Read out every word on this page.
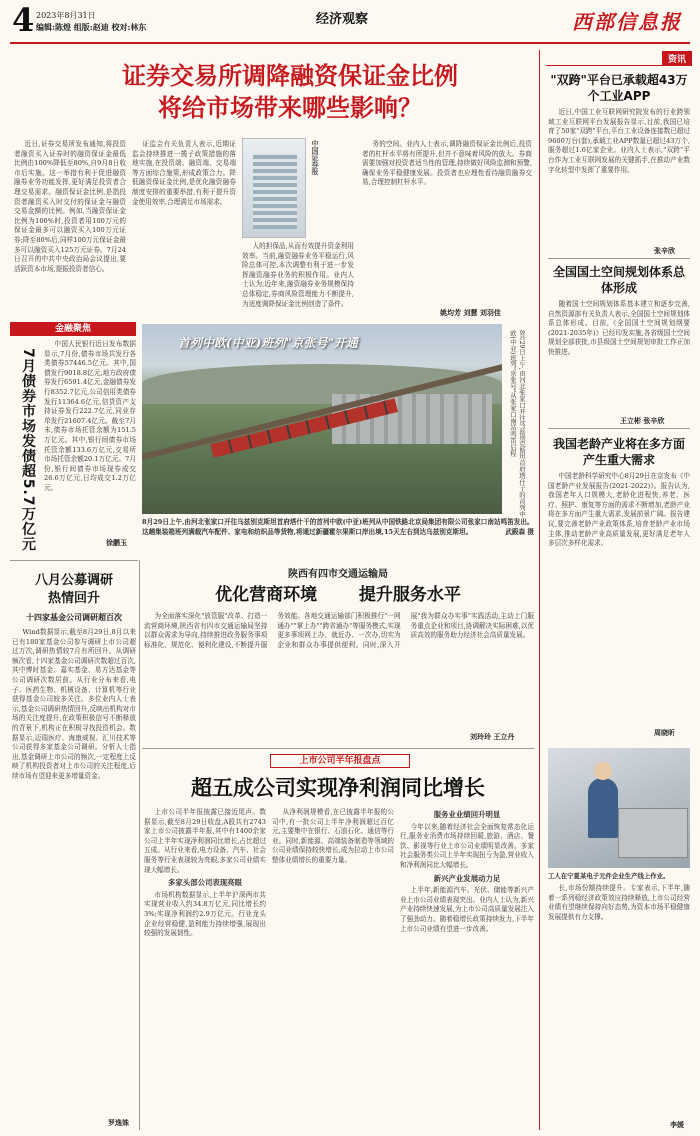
4 2023年8月31日
编辑:陈煌 组版:赵迪 校对:林东	经济观察	西部信息报
证券交易所调降融资保证金比例
将给市场带来哪些影响？

近日,证券交易所发布通知,将投资者融资买入证券时的融资保证金最低比例由100%降低至80%,自9月8日收市后实施。这一举措有利于促进融资融券业务功能发挥,更好满足投资者合理交易需求。融资保证金比例,是指投资者融资买入时交付的保证金与融资交易金额的比例。例如,当融资保证金比例为100%时,投资者用100万元的保证金最多可以融资买入100万元证券;降至80%后,同样100万元保证金最多可以融资买入125万元证券。7月24日召开的中共中央政治局会议提出,要活跃资本市场,提振投资者信心。

证监会有关负责人表示,近期证监会持续推进一揽子政策措施的落地实施,在投资端、融资端、交易端等方面综合施策,形成政策合力。降低融资保证金比例,是优化融资融券制度安排的重要举措,有利于提升资金使用效率,合理满足市场需求。

中国证券报

人的担保品,从而有效提升资金利用效率。当前,融资融券业务平稳运行,风险总体可控,本次调整有利于进一步发挥融资融券业务的积极作用。业内人士认为,近年来,融资融券业务规模保持总体稳定,券商风险管理能力不断提升,为适度调降保证金比例创造了条件。

务的空间。业内人士表示,调降融资保证金比例后,投资者的杠杆水平将有所提升,但并不意味着风险的放大。券商需要加强对投资者适当性的管理,持续做好风险监测和预警,确保业务平稳健康发展。投资者也应理性看待融资融券交易,合理控制杠杆水平。

姚均芳 刘慧 刘羽佳
金融聚焦
7月债券市场发债超5.7万亿元

中国人民银行近日发布数据显示,7月份,债券市场共发行各类债券57446.5亿元。其中,国债发行9018.8亿元,地方政府债券发行6591.4亿元,金融债券发行8352.7亿元,公司信用类债券发行11364.6亿元,信贷资产支持证券发行222.7亿元,同业存单发行21607.4亿元。截至7月末,债券市场托管余额为151.5万亿元。其中,银行间债券市场托管余额133.6万亿元,交易所市场托管余额20.1万亿元。7月份,银行间债券市场现券成交26.6万亿元,日均成交1.2万亿元。

徐鹏玉
首列中欧(中亚)班列"京张号"开通	8月29日上午,由河北张家口开往乌兹别克斯坦首府塔什干的首列中欧(中亚)班列"京张号"从张家口南站鸣笛启程
8月29日上午,由河北张家口开往乌兹别克斯坦首府塔什干的首列中欧(中亚)班列从中国铁路北京局集团有限公司张家口南站鸣笛发出。这趟集装箱班列满载汽车配件、家电和纺织品等货物,将通过新疆霍尔果斯口岸出境,15天左右到达乌兹别克斯坦。	武殿森 摄
八月公募调研
热情回升
十四家基金公司调研超百次

Wind数据显示,截至8月29日,8月以来已有180家基金公司参与调研上市公司超过万次,调研热情较7月有所回升。从调研频次看,十四家基金公司调研次数超过百次,其中博时基金、嘉实基金、易方达基金等公司调研次数居前。从行业分布来看,电子、医药生物、机械设备、计算机等行业获得基金公司较多关注。多位业内人士表示,基金公司调研热情回升,反映出机构对市场的关注度提升,在政策积极信号不断释放的背景下,机构正在积极寻找投资机会。数据显示,迈瑞医疗、海康威视、汇川技术等公司获得多家基金公司调研。分析人士指出,基金调研上市公司的频次,一定程度上反映了机构投资者对上市公司的关注程度,后续市场有望迎来更多增量资金。

罗逸姝
陕西有四市交通运输局
优化营商环境 提升服务水平

为全面落实深化"放管服"改革、打造一流营商环境,陕西省有四市交通运输局坚持以群众需求为导向,持续推进政务服务事项标准化、规范化、便利化建设,不断提升服务效能。各地交通运输部门积极推行"一网通办""掌上办""跨省通办"等服务模式,实现更多事项网上办、就近办、一次办,切实为企业和群众办事提供便利。同时,深入开展"我为群众办实事"实践活动,主动上门服务重点企业和项目,协调解决实际困难,以优质高效的服务助力经济社会高质量发展。

刘玲玲 王立丹
上市公司半年报盘点
超五成公司实现净利润同比增长

上市公司半年报披露已接近尾声。数据显示,截至8月29日收盘,A股共有2743家上市公司披露半年报,其中有1400余家公司上半年实现净利润同比增长,占比超过五成。从行业来看,电力设备、汽车、社会服务等行业表现较为亮眼,多家公司业绩实现大幅增长。

多家头部公司表现亮眼

市场机构数据显示,上半年沪深两市共实现营业收入约34.8万亿元,同比增长约3%;实现净利润约2.9万亿元。行业龙头企业经营稳健,盈利能力持续增强,展现出较强的发展韧性。

从净利润规模看,在已披露半年报的公司中,有一批公司上半年净利润超过百亿元,主要集中在银行、石油石化、通信等行业。同时,新能源、高端装备制造等领域的公司业绩保持较快增长,成为拉动上市公司整体业绩增长的重要力量。

服务业业绩回升明显

今年以来,随着经济社会全面恢复常态化运行,服务业消费市场持续回暖,旅游、酒店、餐饮、影视等行业上市公司业绩明显改善。多家社会服务类公司上半年实现扭亏为盈,营业收入和净利润同比大幅增长。

新兴产业发展动力足

上半年,新能源汽车、光伏、储能等新兴产业上市公司业绩表现突出。业内人士认为,新兴产业持续快速发展,为上市公司高质量发展注入了强劲动力。随着稳增长政策持续发力,下半年上市公司业绩有望进一步改善。

资讯
"双跨"平台已承载超43万个工业APP

近日,中国工业互联网研究院发布的行业跨领域工业互联网平台发展报告显示,目前,我国已培育了50家"双跨"平台,平台工业设备连接数已超过9600万台(套),承载工业APP数量已超过43万个,服务超过1.6亿家企业。业内人士表示,"双跨"平台作为工业互联网发展的关键抓手,在推动产业数字化转型中发挥了重要作用。

张辛欣
全国国土空间规划体系总体形成

随着国土空间规划体系基本建立和逐步完善,自然资源部有关负责人表示,全国国土空间规划体系总体形成。目前,《全国国土空间规划纲要(2021-2035年)》已经印发实施,各省级国土空间规划全部获批,市县级国土空间规划审批工作正加快推进。

王立彬 张辛欣
我国老龄产业将在多方面产生重大需求

中国老龄科学研究中心8月29日在京发布《中国老龄产业发展报告(2021-2022)》。报告认为,我国老年人口规模大,老龄化进程快,养老、医疗、照护、康复等方面的需求不断增加,老龄产业将在多方面产生重大需求,发展前景广阔。报告建议,要完善老龄产业政策体系,培育老龄产业市场主体,推动老龄产业高质量发展,更好满足老年人多层次多样化需求。

周晓昕
工人在宁夏某电子元件企业生产线上作业。

长,市场份额持续提升。专家表示,下半年,随着一系列稳经济政策效应持续释放,上市公司经营业绩有望继续保持向好态势,为资本市场平稳健康发展提供有力支撑。

李媛
